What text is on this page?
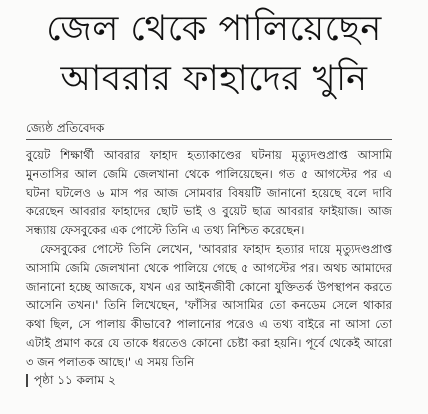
জেল থেকে পালিয়েছেন
আবরার ফাহাদের খুনি
জ্যেষ্ঠ প্রতিবেদক

বুয়েট শিক্ষার্থী আবরার ফাহাদ হত্যাকাণ্ডের ঘটনায় মৃত্যুদণ্ডপ্রাপ্ত আসামি মুনতাসির আল জেমি জেলখানা থেকে পালিয়েছেন। গত ৫ আগস্টের পর এ ঘটনা ঘটলেও ৬ মাস পর আজ সোমবার বিষয়টি জানানো হয়েছে বলে দাবি করেছেন আবরার ফাহাদের ছোট ভাই ও বুয়েট ছাত্র আবরার ফাইয়াজ। আজ সন্ধ্যায় ফেসবুকের এক পোস্টে তিনি এ তথ্য নিশ্চিত করেছেন।

ফেসবুকের পোস্টে তিনি লেখেন, 'আবরার ফাহাদ হত্যার দায়ে মৃত্যুদণ্ডপ্রাপ্ত আসামি জেমি জেলখানা থেকে পালিয়ে গেছে ৫ আগস্টের পর। অথচ আমাদের জানানো হচ্ছে আজকে, যখন এর আইনজীবী কোনো যুক্তিতর্ক উপস্থাপন করতে আসেনি তখন।' তিনি লিখেছেন, 'ফাঁসির আসামির তো কনডেম সেলে থাকার কথা ছিল, সে পালায় কীভাবে? পালানোর পরেও এ তথ্য বাইরে না আসা তো এটাই প্রমাণ করে যে তাকে ধরতেও কোনো চেষ্টা করা হয়নি। পূর্বে থেকেই আরো ৩ জন পলাতক আছে।' এ সময় তিনি

পৃষ্ঠা ১১ কলাম ২
